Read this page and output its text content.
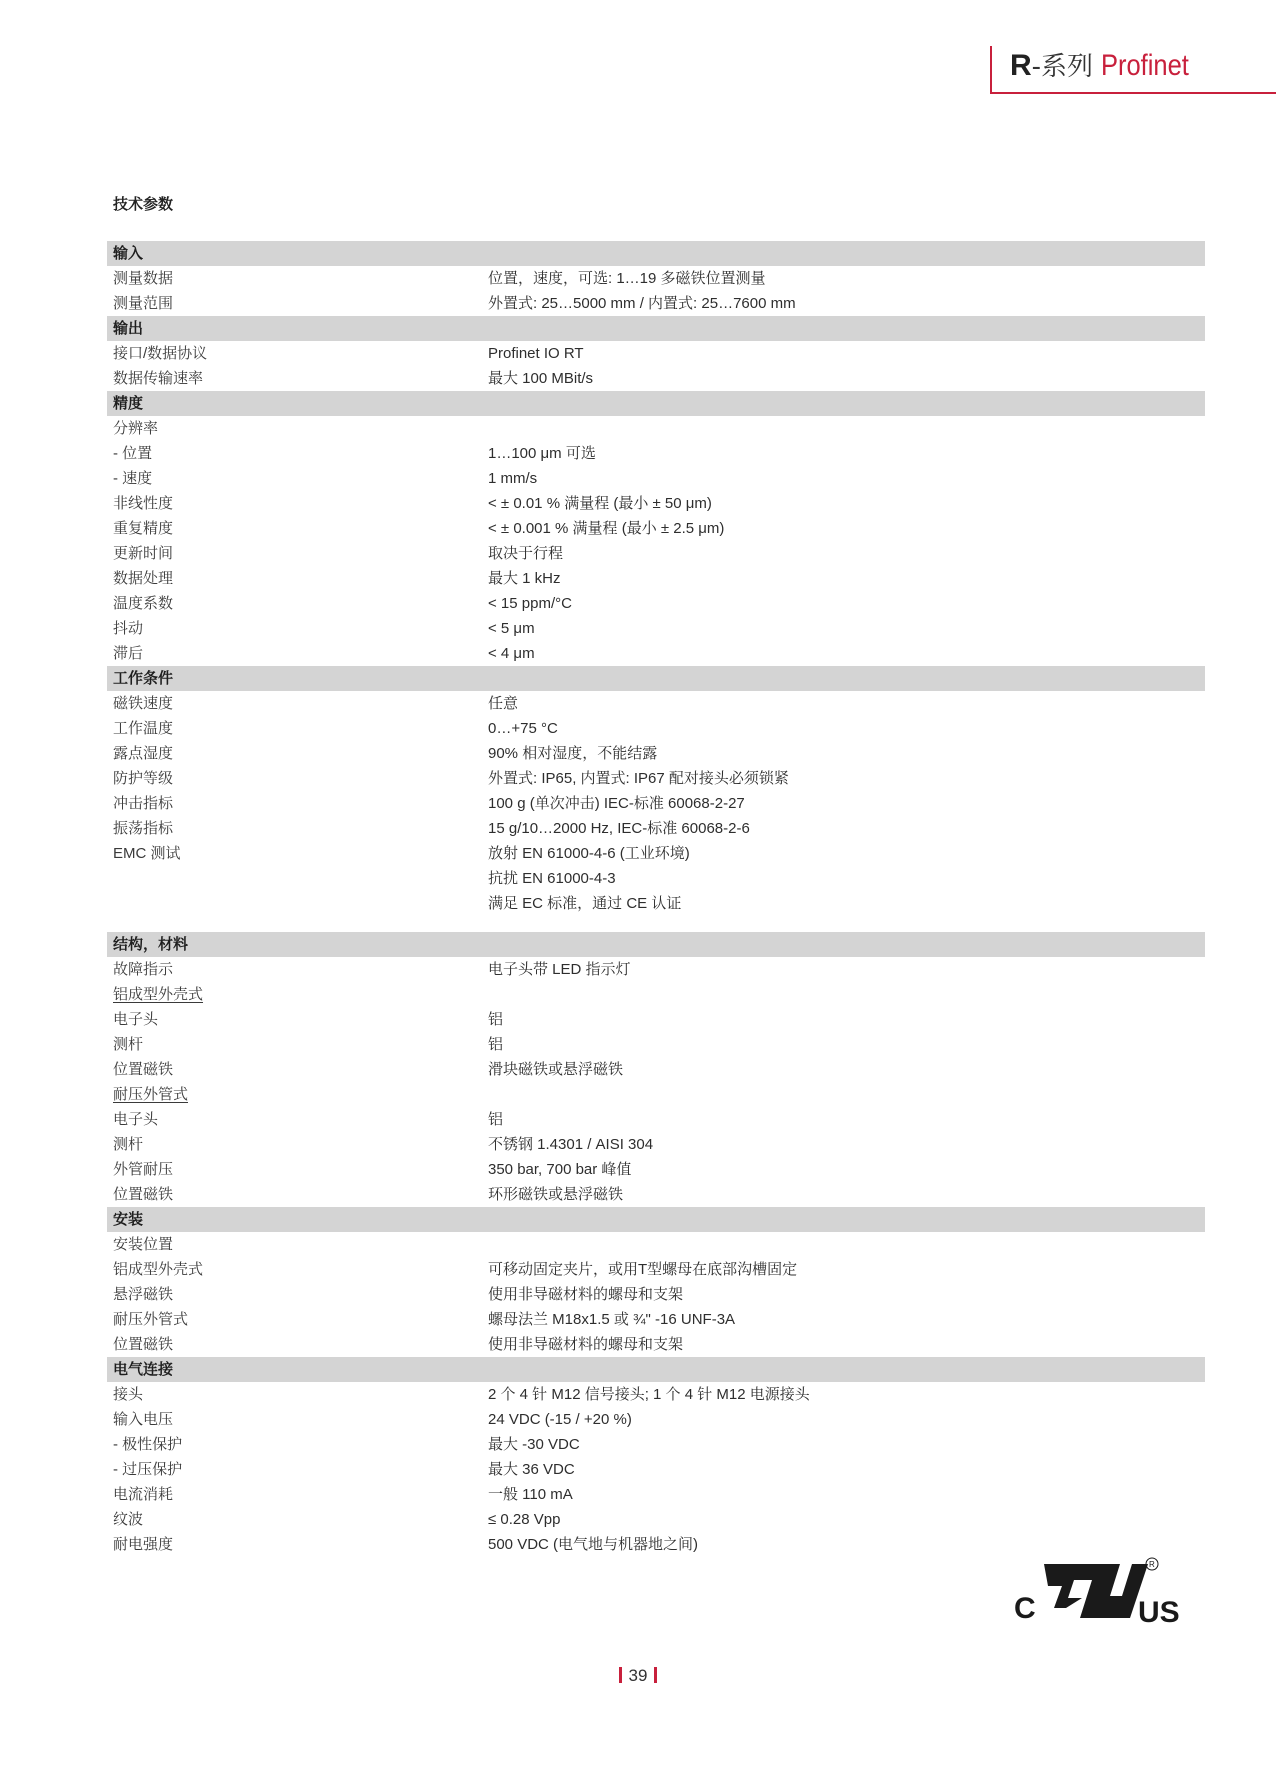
R-系列 Profinet
技术参数
输入
测量数据	位置，速度，可选: 1…19 多磁铁位置测量
测量范围	外置式: 25…5000 mm / 内置式: 25…7600 mm
输出
接口/数据协议	Profinet IO RT
数据传输速率	最大 100 MBit/s
精度
分辨率
- 位置	1…100 μm 可选
- 速度	1 mm/s
非线性度	< ± 0.01 % 满量程 (最小 ± 50 μm)
重复精度	< ± 0.001 % 满量程 (最小 ± 2.5 μm)
更新时间	取决于行程
数据处理	最大 1 kHz
温度系数	< 15 ppm/°C
抖动	< 5 μm
滞后	< 4 μm
工作条件
磁铁速度	任意
工作温度	0…+75 °C
露点湿度	90% 相对湿度，不能结露
防护等级	外置式: IP65, 内置式: IP67 配对接头必须锁紧
冲击指标	100 g (单次冲击) IEC-标准 60068-2-27
振荡指标	15 g/10…2000 Hz, IEC-标准 60068-2-6
EMC 测试	放射 EN 61000-4-6 (工业环境)
抗扰 EN 61000-4-3
满足 EC 标准，通过 CE 认证
结构，材料
故障指示	电子头带 LED 指示灯
铝成型外壳式
电子头	铝
测杆	铝
位置磁铁	滑块磁铁或悬浮磁铁
耐压外管式
电子头	铝
测杆	不锈钢 1.4301 / AISI 304
外管耐压	350 bar, 700 bar 峰值
位置磁铁	环形磁铁或悬浮磁铁
安装
安装位置
铝成型外壳式	可移动固定夹片，或用T型螺母在底部沟槽固定
悬浮磁铁	使用非导磁材料的螺母和支架
耐压外管式	螺母法兰 M18x1.5 或 ¾" -16 UNF-3A
位置磁铁	使用非导磁材料的螺母和支架
电气连接
接头	2 个 4 针 M12 信号接头; 1 个 4 针 M12 电源接头
输入电压	24 VDC (-15 / +20 %)
- 极性保护	最大 -30 VDC
- 过压保护	最大 36 VDC
电流消耗	一般 110 mA
纹波	≤ 0.28 Vpp
耐电强度	500 VDC (电气地与机器地之间)
C
R
US
39
